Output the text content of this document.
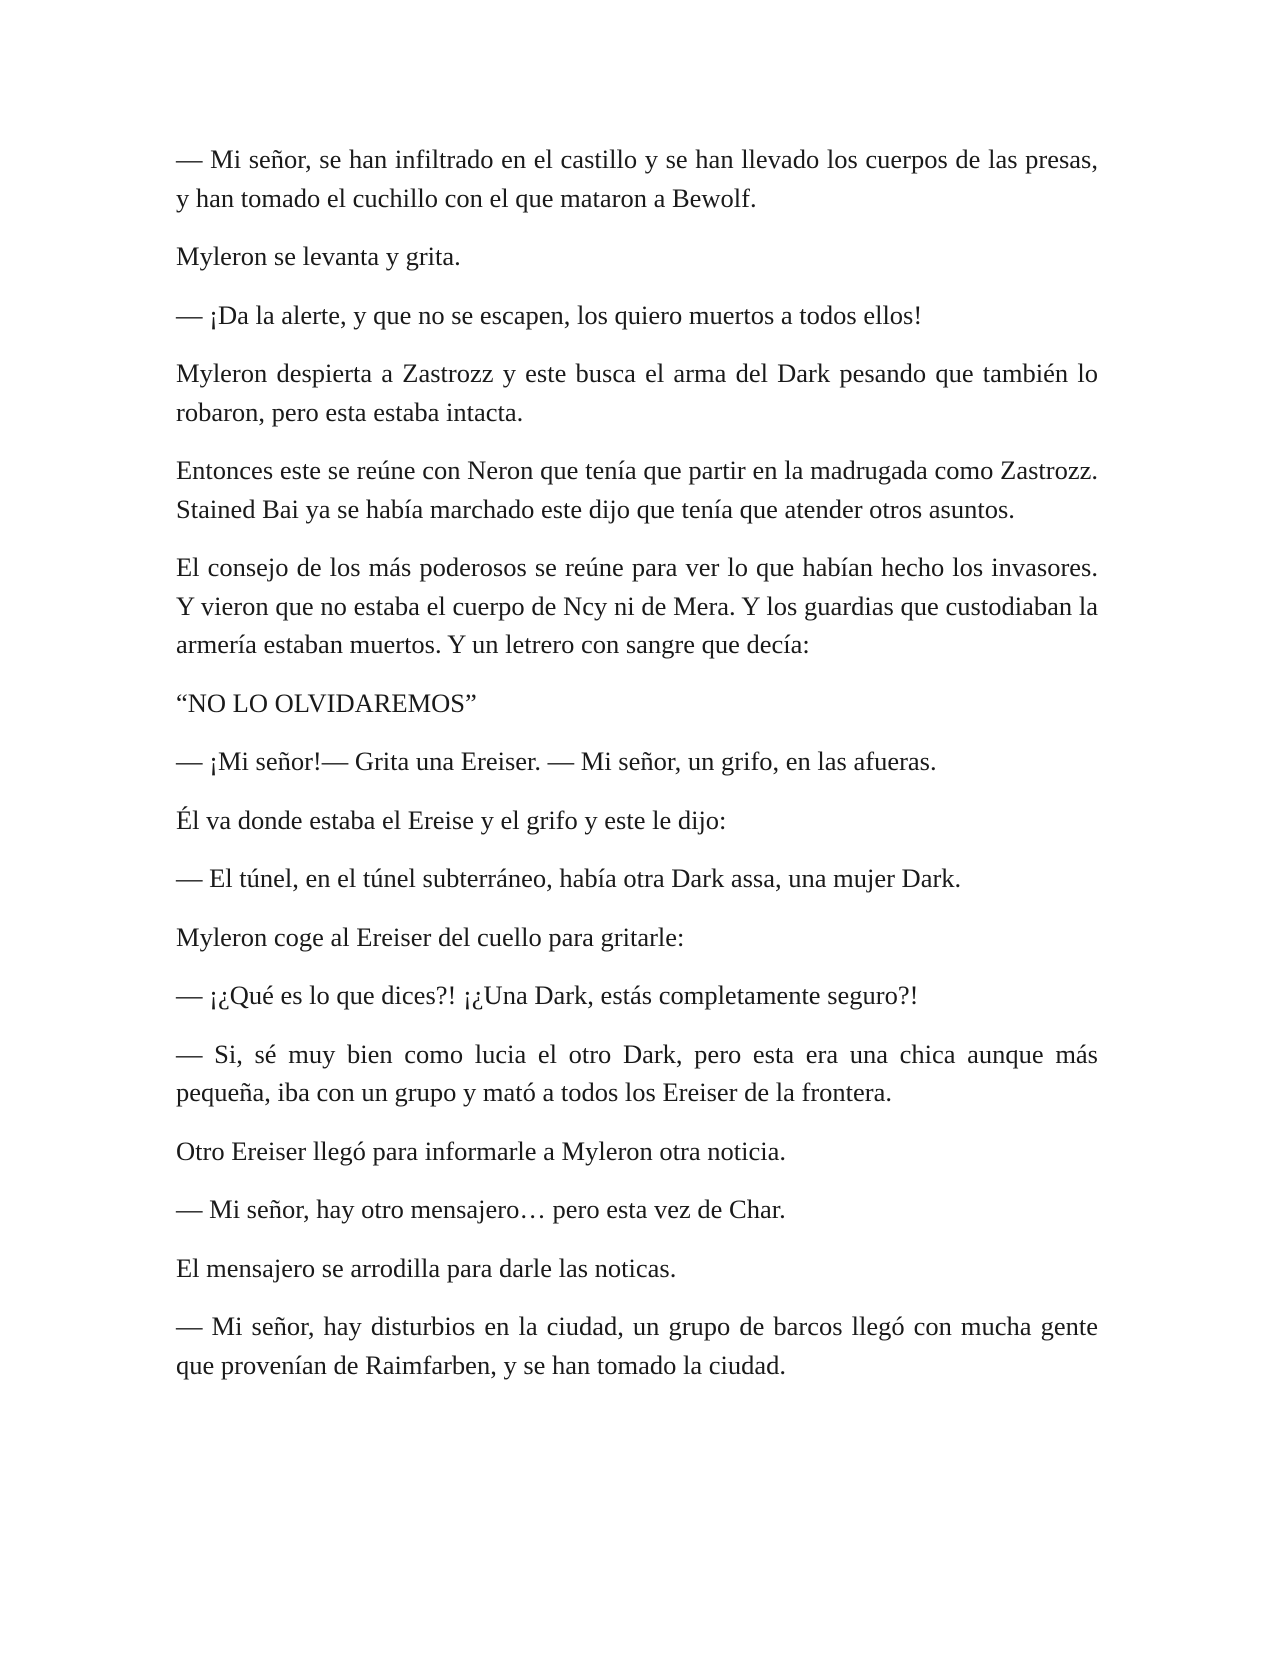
— Mi señor, se han infiltrado en el castillo y se han llevado los cuerpos de las presas, y han tomado el cuchillo con el que mataron a Bewolf.

Myleron se levanta y grita.

— ¡Da la alerte, y que no se escapen, los quiero muertos a todos ellos!

Myleron despierta a Zastrozz y este busca el arma del Dark pesando que también lo robaron, pero esta estaba intacta.

Entonces este se reúne con Neron que tenía que partir en la madrugada como Zastrozz. Stained Bai ya se había marchado este dijo que tenía que atender otros asuntos.

El consejo de los más poderosos se reúne para ver lo que habían hecho los invasores. Y vieron que no estaba el cuerpo de Ncy ni de Mera. Y los guardias que custodiaban la armería estaban muertos. Y un letrero con sangre que decía:

“NO LO OLVIDAREMOS”

— ¡Mi señor!— Grita una Ereiser. — Mi señor, un grifo, en las afueras.

Él va donde estaba el Ereise y el grifo y este le dijo:

— El túnel, en el túnel subterráneo, había otra Dark assa, una mujer Dark.

Myleron coge al Ereiser del cuello para gritarle:

— ¡¿Qué es lo que dices?! ¡¿Una Dark, estás completamente seguro?!

— Si, sé muy bien como lucia el otro Dark, pero esta era una chica aunque más pequeña, iba con un grupo y mató a todos los Ereiser de la frontera.

Otro Ereiser llegó para informarle a Myleron otra noticia.

— Mi señor, hay otro mensajero… pero esta vez de Char.

El mensajero se arrodilla para darle las noticas.

— Mi señor, hay disturbios en la ciudad, un grupo de barcos llegó con mucha gente que provenían de Raimfarben, y se han tomado la ciudad.
